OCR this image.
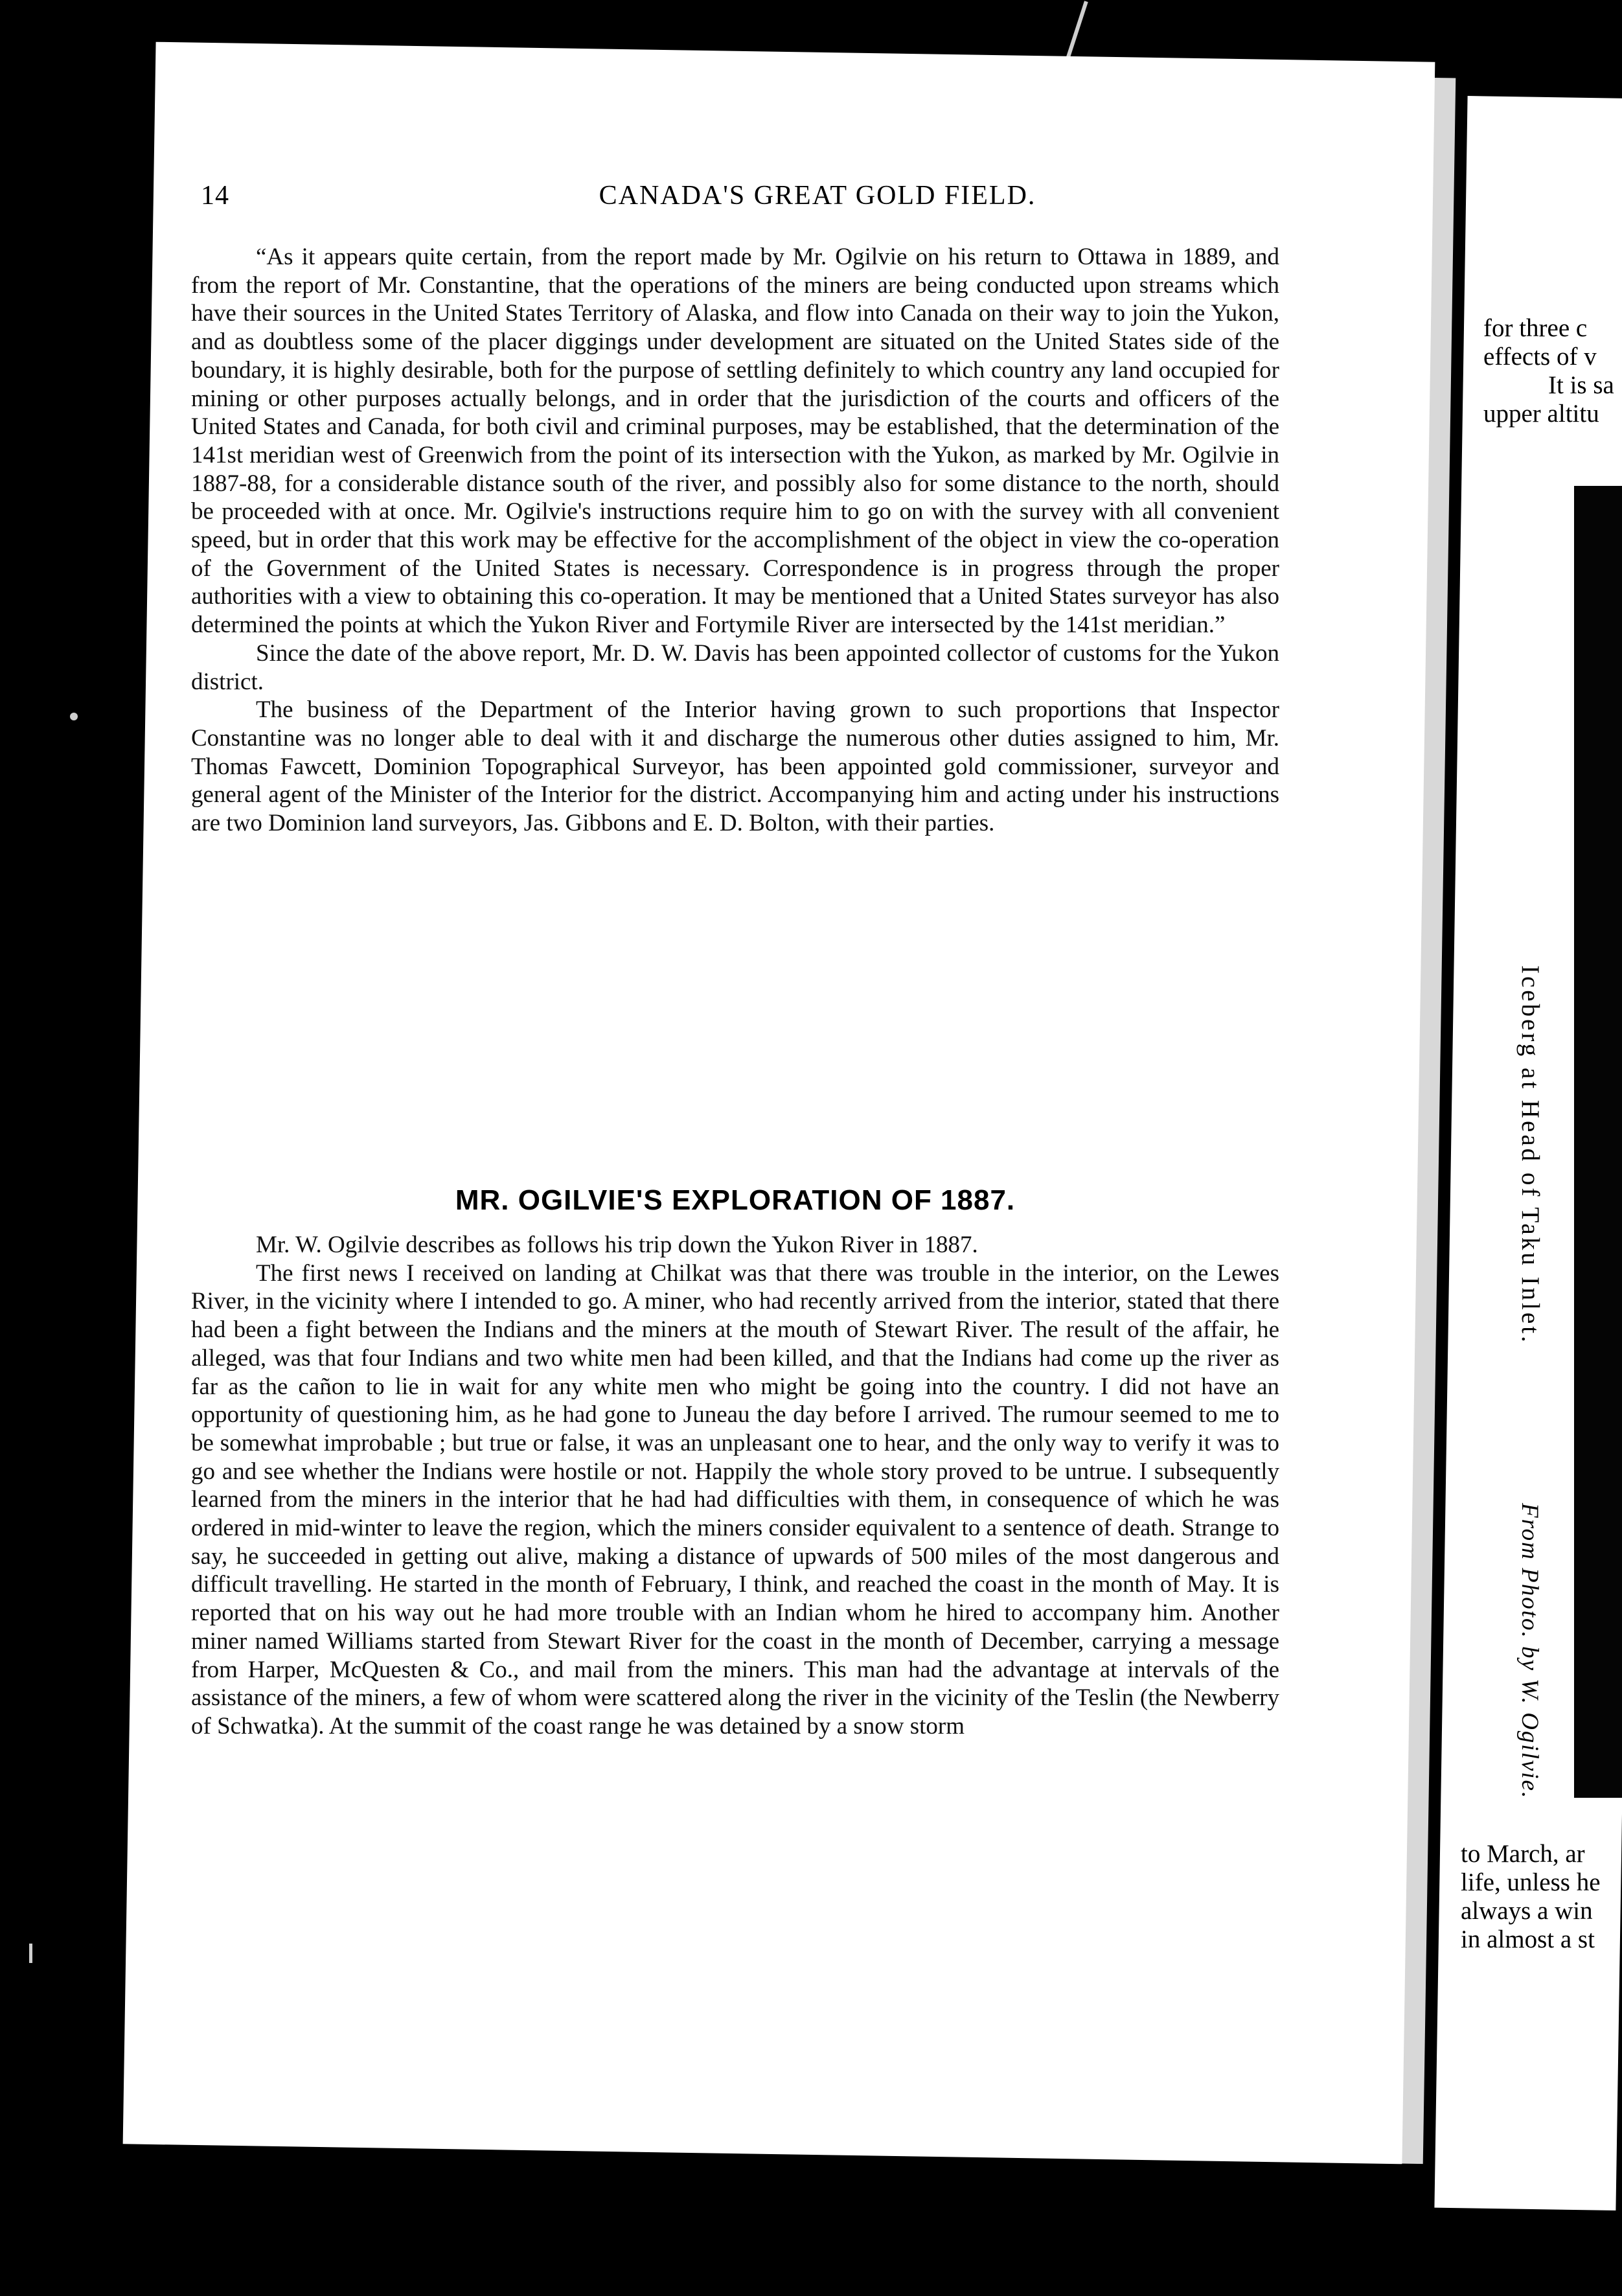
14	CANADA'S GREAT GOLD FIELD.

“As it appears quite certain, from the report made by Mr. Ogilvie on his return to Ottawa in 1889, and from the report of Mr. Constantine, that the operations of the miners are being conducted upon streams which have their sources in the United States Territory of Alaska, and flow into Canada on their way to join the Yukon, and as doubtless some of the placer diggings under development are situated on the United States side of the boundary, it is highly desirable, both for the purpose of settling definitely to which country any land occupied for mining or other purposes actually belongs, and in order that the jurisdiction of the courts and officers of the United States and Canada, for both civil and criminal purposes, may be established, that the determination of the 141st meridian west of Greenwich from the point of its intersection with the Yukon, as marked by Mr. Ogilvie in 1887-88, for a considerable distance south of the river, and possibly also for some distance to the north, should be proceeded with at once. Mr. Ogilvie's instructions require him to go on with the survey with all convenient speed, but in order that this work may be effective for the accomplishment of the object in view the co-operation of the Government of the United States is necessary. Correspondence is in progress through the proper authorities with a view to obtaining this co-operation. It may be mentioned that a United States surveyor has also determined the points at which the Yukon River and Fortymile River are intersected by the 141st meridian.”

Since the date of the above report, Mr. D. W. Davis has been appointed collector of customs for the Yukon district.

The business of the Department of the Interior having grown to such proportions that Inspector Constantine was no longer able to deal with it and discharge the numerous other duties assigned to him, Mr. Thomas Fawcett, Dominion Topographical Surveyor, has been appointed gold commissioner, surveyor and general agent of the Minister of the Interior for the district. Accompanying him and acting under his instructions are two Dominion land surveyors, Jas. Gibbons and E. D. Bolton, with their parties.

MR. OGILVIE'S EXPLORATION OF 1887.

Mr. W. Ogilvie describes as follows his trip down the Yukon River in 1887.

The first news I received on landing at Chilkat was that there was trouble in the interior, on the Lewes River, in the vicinity where I intended to go. A miner, who had recently arrived from the interior, stated that there had been a fight between the Indians and the miners at the mouth of Stewart River. The result of the affair, he alleged, was that four Indians and two white men had been killed, and that the Indians had come up the river as far as the cañon to lie in wait for any white men who might be going into the country. I did not have an opportunity of questioning him, as he had gone to Juneau the day before I arrived. The rumour seemed to me to be somewhat improbable ; but true or false, it was an unpleasant one to hear, and the only way to verify it was to go and see whether the Indians were hostile or not. Happily the whole story proved to be untrue. I subsequently learned from the miners in the interior that he had had difficulties with them, in consequence of which he was ordered in mid-winter to leave the region, which the miners consider equivalent to a sentence of death. Strange to say, he succeeded in getting out alive, making a distance of upwards of 500 miles of the most dangerous and difficult travelling. He started in the month of February, I think, and reached the coast in the month of May. It is reported that on his way out he had more trouble with an Indian whom he hired to accompany him. Another miner named Williams started from Stewart River for the coast in the month of December, carrying a message from Harper, McQuesten & Co., and mail from the miners. This man had the advantage at intervals of the assistance of the miners, a few of whom were scattered along the river in the vicinity of the Teslin (the Newberry of Schwatka). At the summit of the coast range he was detained by a snow storm

for three c
effects of v
It is sa
upper altitu
Iceberg at Head of Taku Inlet.
From Photo. by W. Ogilvie.
to March, ar
life, unless he
always a win
in almost a st
